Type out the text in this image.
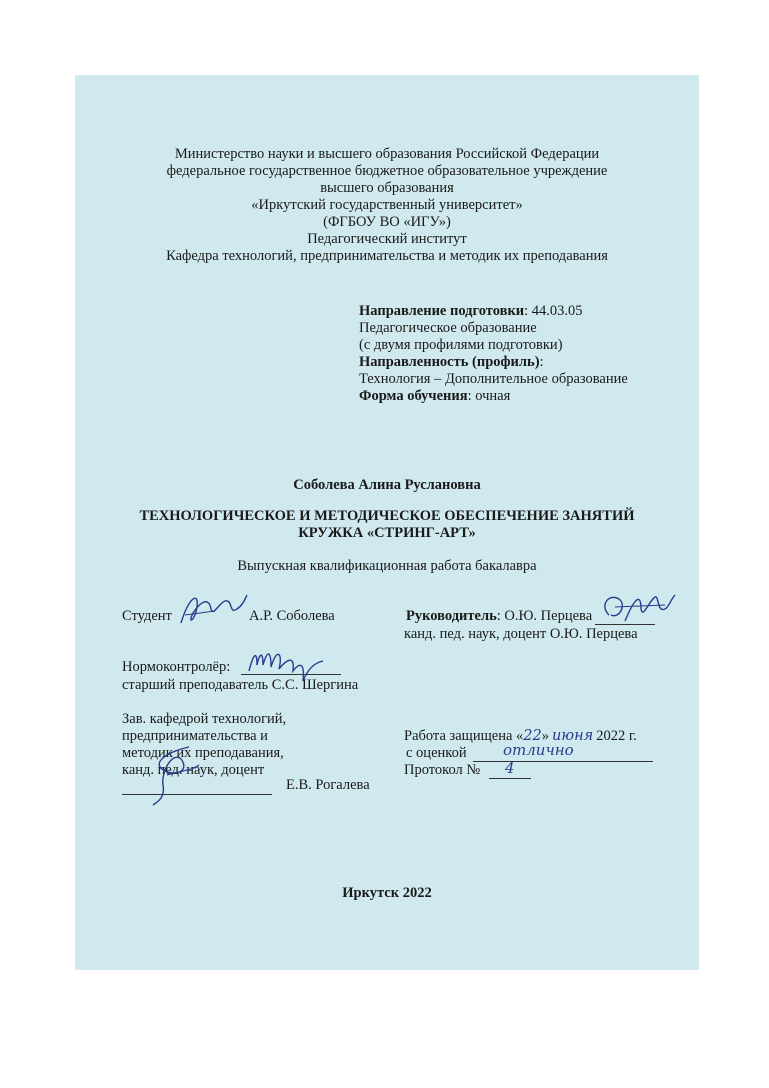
Министерство науки и высшего образования Российской Федерации
федеральное государственное бюджетное образовательное учреждение
высшего образования
«Иркутский государственный университет»
(ФГБОУ ВО «ИГУ»)
Педагогический институт
Кафедра технологий, предпринимательства и методик их преподавания
Направление подготовки: 44.03.05
Педагогическое образование
(с двумя профилями подготовки)
Направленность (профиль):
Технология – Дополнительное образование
Форма обучения: очная
Соболева Алина Руслановна
ТЕХНОЛОГИЧЕСКОЕ И МЕТОДИЧЕСКОЕ ОБЕСПЕЧЕНИЕ ЗАНЯТИЙ
КРУЖКА «СТРИНГ-АРТ»
Выпускная квалификационная работа бакалавра
Студент	А.Р. Соболева	Руководитель: О.Ю. Перцева
канд. пед. наук, доцент О.Ю. Перцева
Нормоконтролёр:
старший преподаватель С.С. Шергина
Зав. кафедрой технологий,
предпринимательства и
методик их преподавания,
канд. пед. наук, доцент
Е.В. Рогалева
Работа защищена «22» июня 2022 г.
с оценкой отлично
Протокол № 4
Иркутск 2022
